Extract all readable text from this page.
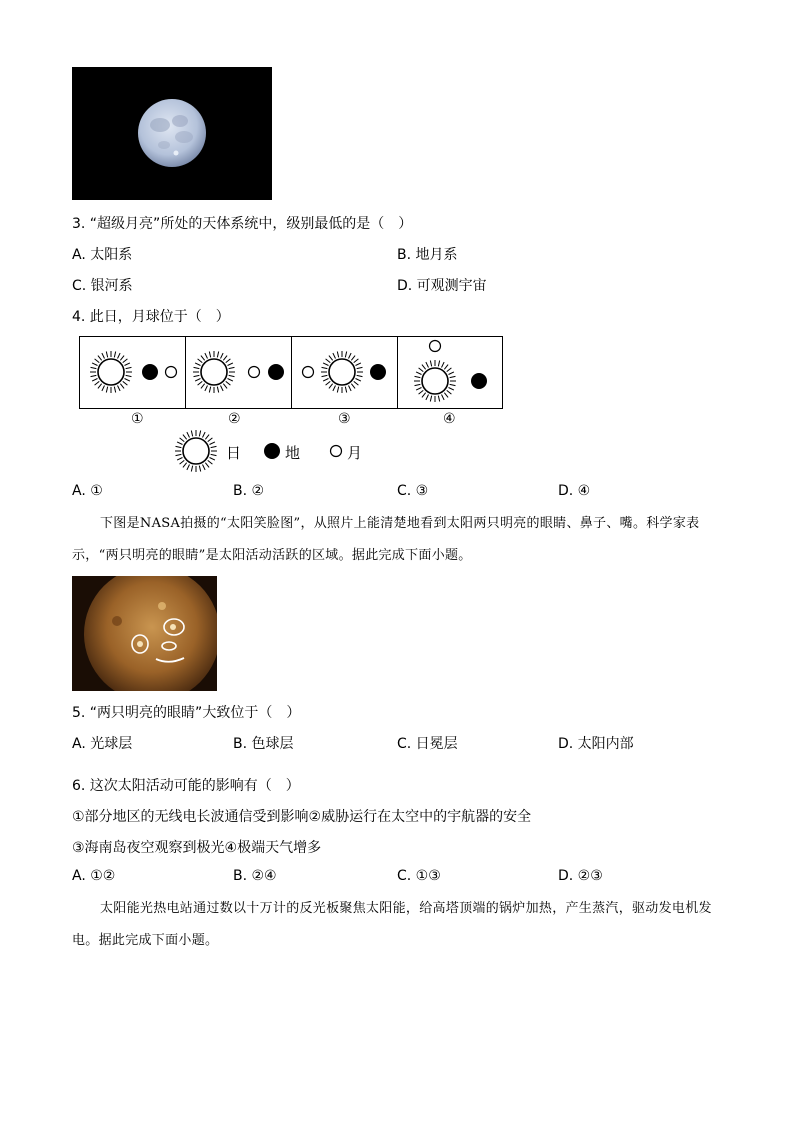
3. “超级月亮”所处的天体系统中，级别最低的是（　）
A. 太阳系	B. 地月系
C. 银河系	D. 可观测宇宙
4. 此日，月球位于（　）
①	②	③	④
日	地	月
A. ①	B. ②	C. ③	D. ④
下图是NASA拍摄的“太阳笑脸图”，从照片上能清楚地看到太阳两只明亮的眼睛、鼻子、嘴。科学家表示，“两只明亮的眼睛”是太阳活动活跃的区域。据此完成下面小题。
5. “两只明亮的眼睛”大致位于（　）
A. 光球层	B. 色球层	C. 日冕层	D. 太阳内部
6. 这次太阳活动可能的影响有（　）
①部分地区的无线电长波通信受到影响②威胁运行在太空中的宇航器的安全
③海南岛夜空观察到极光④极端天气增多
A. ①②	B. ②④	C. ①③	D. ②③
太阳能光热电站通过数以十万计的反光板聚焦太阳能，给高塔顶端的锅炉加热，产生蒸汽，驱动发电机发电。据此完成下面小题。
